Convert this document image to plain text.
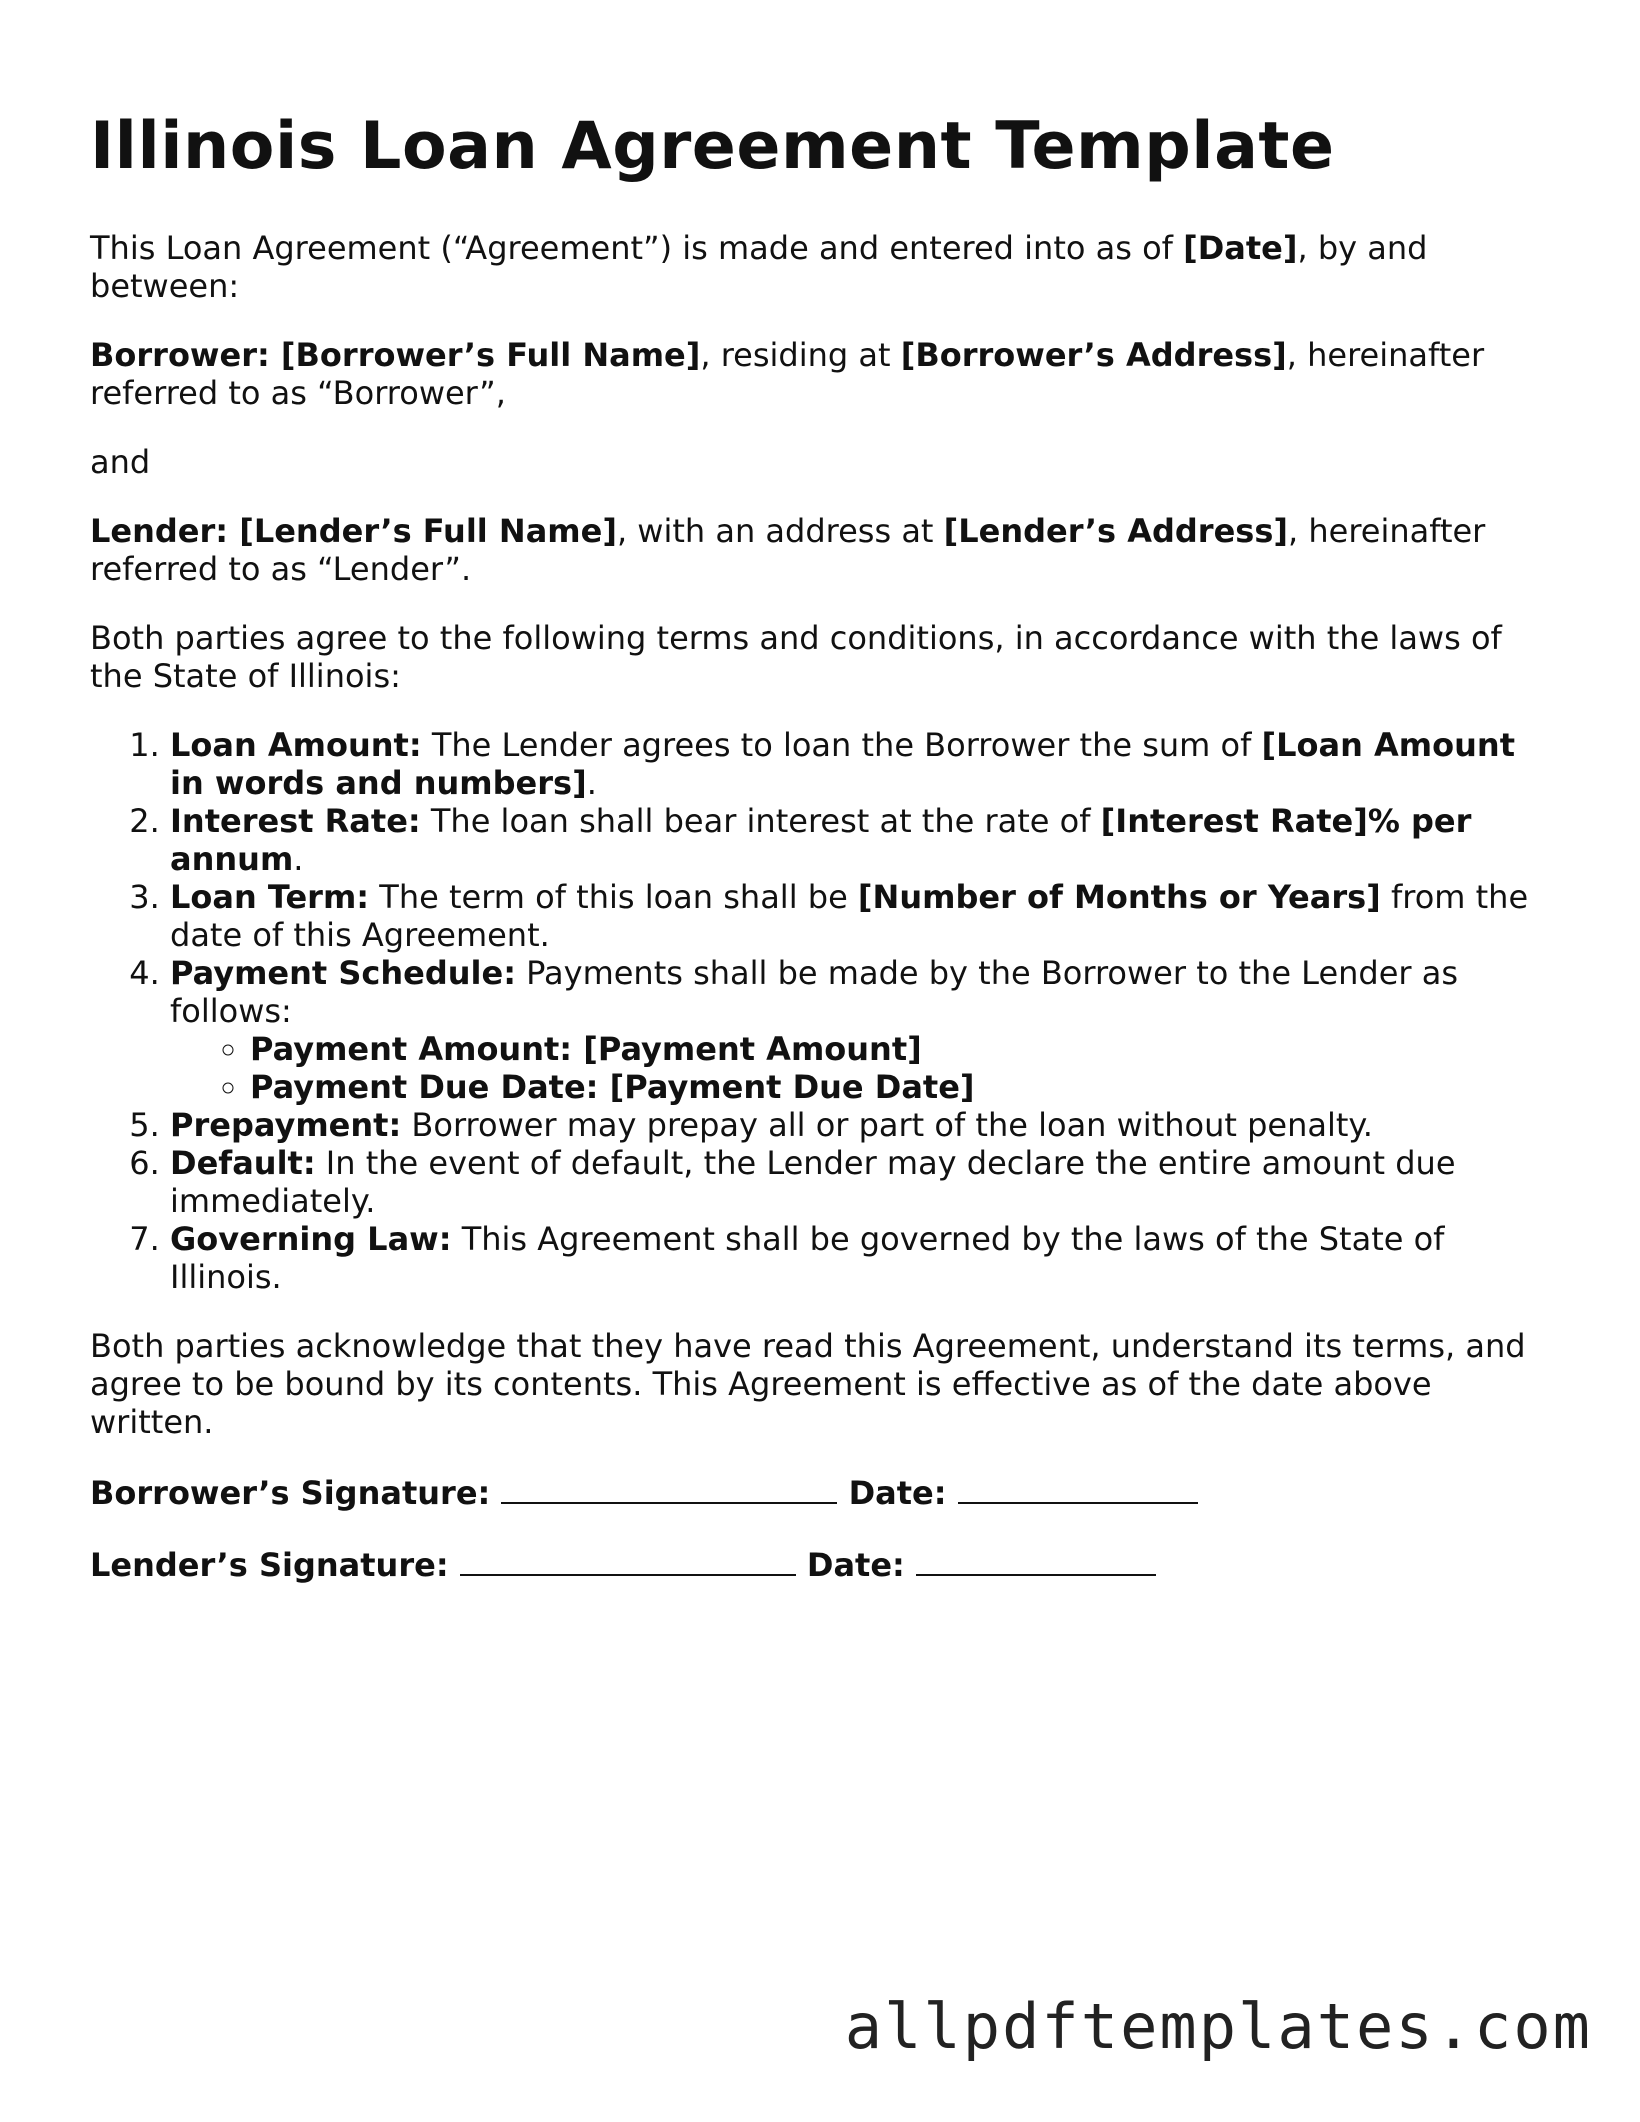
Illinois Loan Agreement Template

This Loan Agreement (“Agreement”) is made and entered into as of [Date], by and between:

Borrower: [Borrower’s Full Name], residing at [Borrower’s Address], hereinafter referred to as “Borrower”,

and

Lender: [Lender’s Full Name], with an address at [Lender’s Address], hereinafter referred to as “Lender”.

Both parties agree to the following terms and conditions, in accordance with the laws of the State of Illinois:

1. Loan Amount: The Lender agrees to loan the Borrower the sum of [Loan Amount in words and numbers].
2. Interest Rate: The loan shall bear interest at the rate of [Interest Rate]% per annum.
3. Loan Term: The term of this loan shall be [Number of Months or Years] from the date of this Agreement.
4. Payment Schedule: Payments shall be made by the Borrower to the Lender as follows:
◦ Payment Amount: [Payment Amount]
◦ Payment Due Date: [Payment Due Date]
5. Prepayment: Borrower may prepay all or part of the loan without penalty.
6. Default: In the event of default, the Lender may declare the entire amount due immediately.
7. Governing Law: This Agreement shall be governed by the laws of the State of Illinois.

Both parties acknowledge that they have read this Agreement, understand its terms, and agree to be bound by its contents. This Agreement is effective as of the date above written.

Borrower’s Signature:	Date:
Lender’s Signature:	Date:
allpdftemplates.com
